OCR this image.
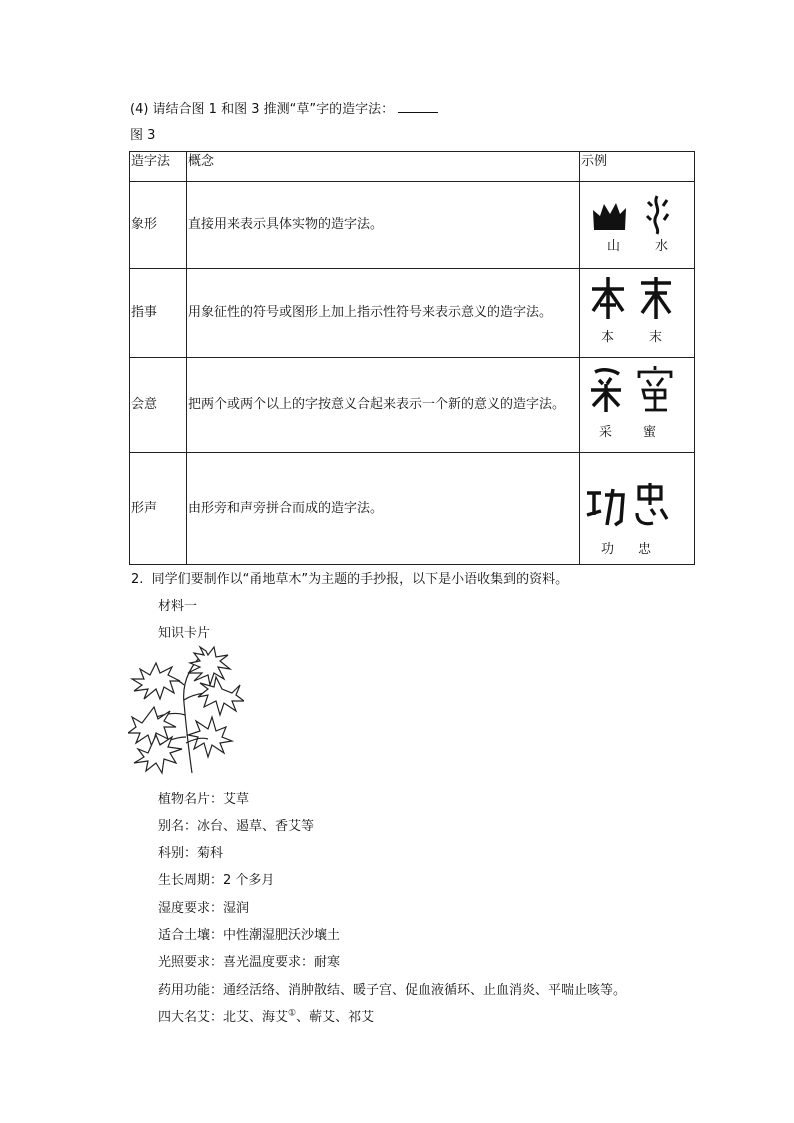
(4) 请结合图 1 和图 3 推测“草”字的造字法：
图 3
造字法	概念	示例
象形	直接用来表示具体实物的造字法。	山 水

指事	用象征性的符号或图形上加上指示性符号来表示意义的造字法。	本 末

会意	把两个或两个以上的字按意义合起来表示一个新的意义的造字法。	采 蜜

形声	由形旁和声旁拼合而成的造字法。	功 忠
2. 同学们要制作以“甬地草木”为主题的手抄报，以下是小语收集到的资料。
材料一
知识卡片
植物名片：艾草
别名：冰台、遏草、香艾等
科别：菊科
生长周期：2 个多月
湿度要求：湿润
适合土壤：中性潮湿肥沃沙壤土
光照要求：喜光温度要求：耐寒
药用功能：通经活络、消肿散结、暖子宫、促血液循环、止血消炎、平喘止咳等。
四大名艾：北艾、海艾①、蕲艾、祁艾
